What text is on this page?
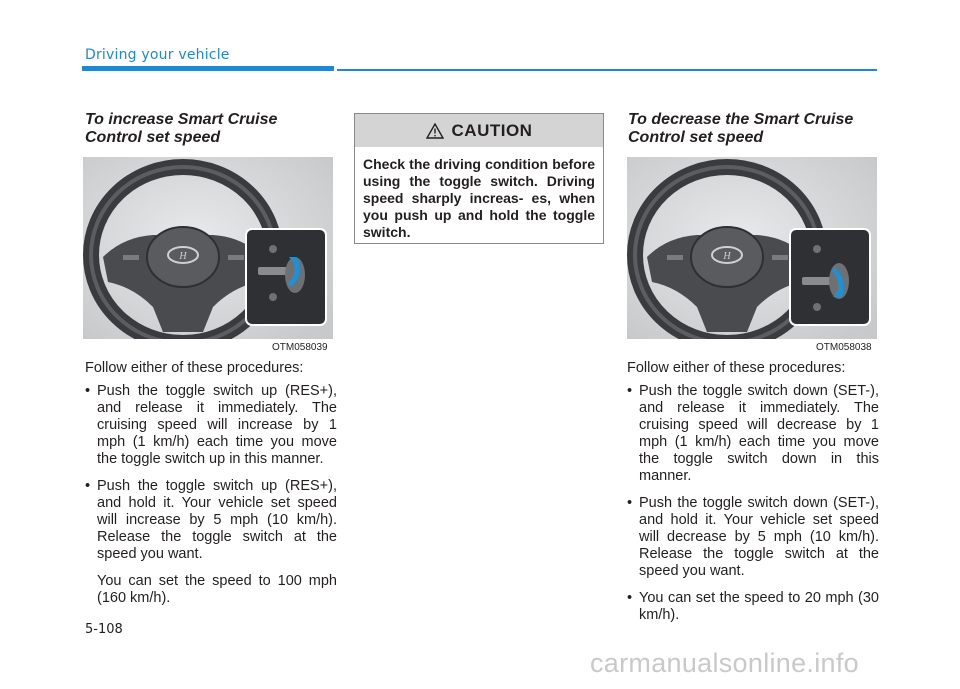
Driving your vehicle
To increase Smart Cruise
Control set speed
H
OTM058039

Follow either of these procedures:

• Push the toggle switch up (RES+), and release it immediately. The cruising speed will increase by 1 mph (1 km/h) each time you move the toggle switch up in this manner.
• Push the toggle switch up (RES+), and hold it. Your vehicle set speed will increase by 5 mph (10 km/h). Release the toggle switch at the speed you want.

You can set the speed to 100 mph (160 km/h).

CAUTION
Check the driving condition before using the toggle switch. Driving speed sharply increas- es, when you push up and hold the toggle switch.
To decrease the Smart Cruise
Control set speed
H
OTM058038

Follow either of these procedures:

• Push the toggle switch down (SET-), and release it immediately. The cruising speed will decrease by 1 mph (1 km/h) each time you move the toggle switch down in this manner.
• Push the toggle switch down (SET-), and hold it. Your vehicle set speed will decrease by 5 mph (10 km/h). Release the toggle switch at the speed you want.
• You can set the speed to 20 mph (30 km/h).
5-108
carmanualsonline.info
